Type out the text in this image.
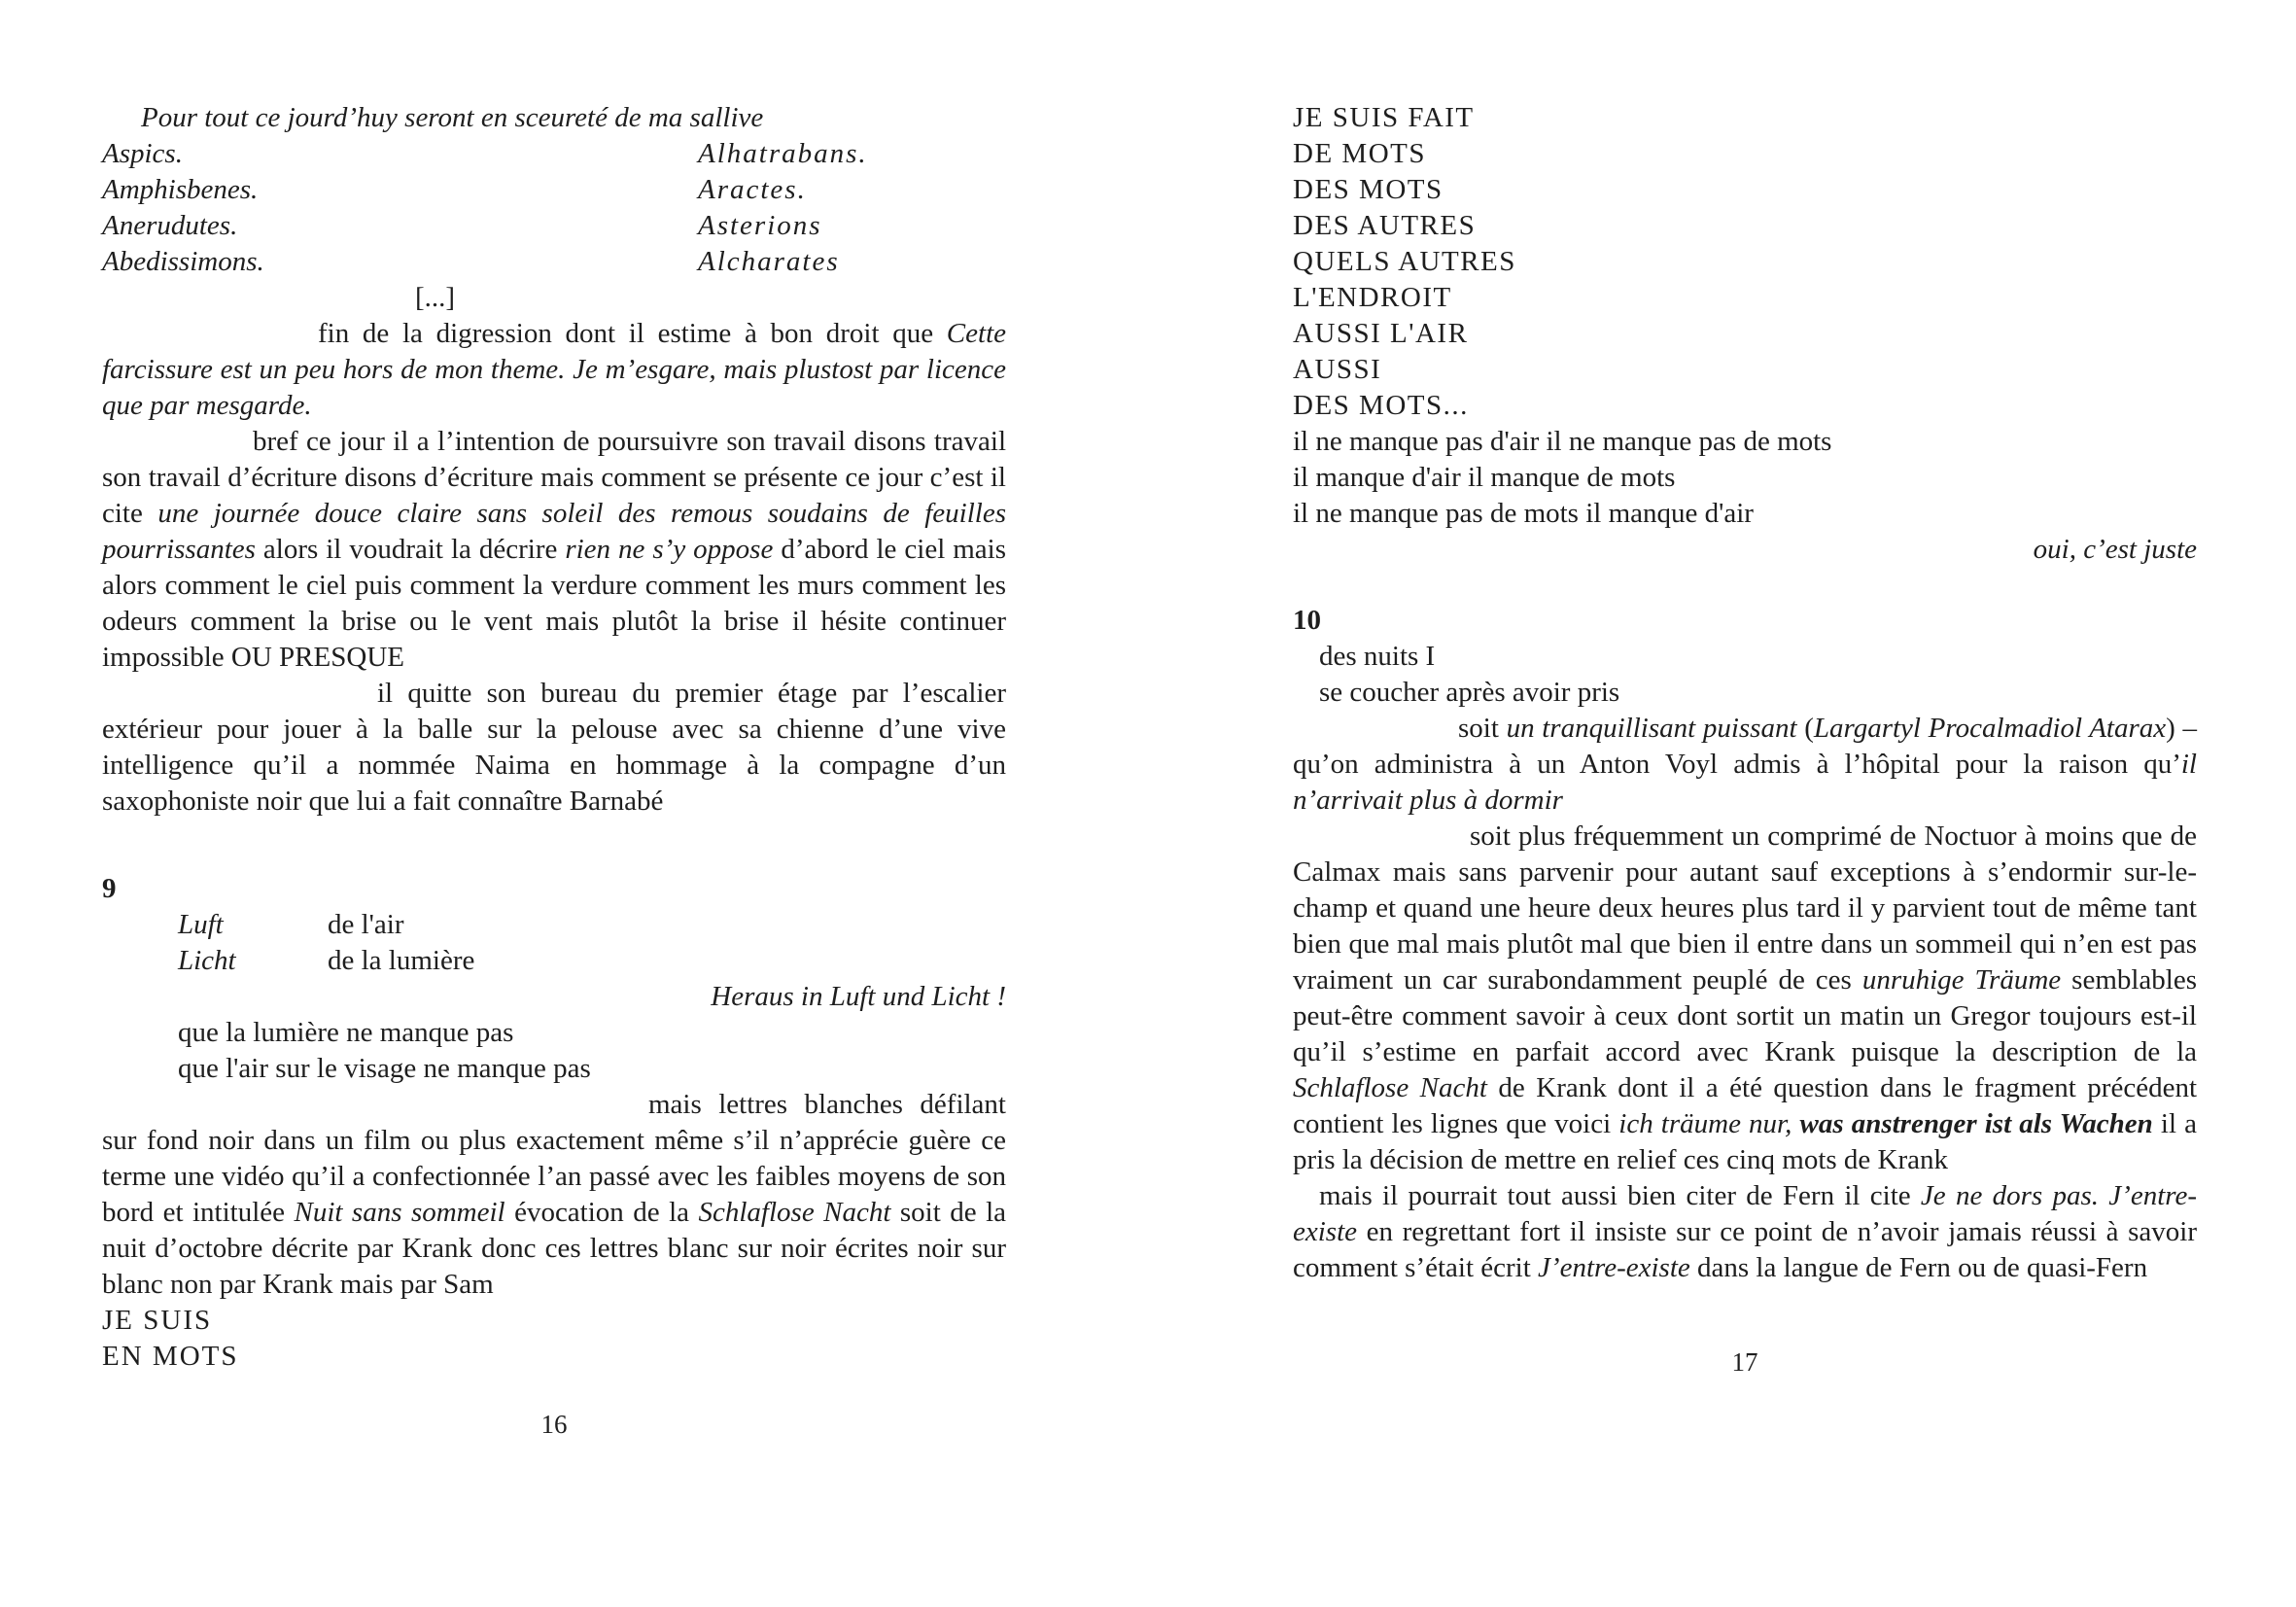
Pour tout ce jourd’huy seront en sceureté de ma sallive

Aspics.
Amphisbenes.
Anerudutes.
Abedissimons.
Alhatrabans.
Aractes.
Asterions
Alcharates
[...]

fin de la digression dont il estime à bon droit que Cette farcissure est un peu hors de mon theme. Je m’esgare, mais plustost par licence que par mesgarde.

bref ce jour il a l’intention de poursuivre son travail disons travail son travail d’écriture disons d’écriture mais comment se présente ce jour c’est il cite une journée douce claire sans soleil des remous soudains de feuilles pourrissantes alors il voudrait la décrire rien ne s’y oppose d’abord le ciel mais alors comment le ciel puis comment la verdure comment les murs comment les odeurs comment la brise ou le vent mais plutôt la brise il hésite continuer impossible OU PRESQUE

il quitte son bureau du premier étage par l’escalier extérieur pour jouer à la balle sur la pelouse avec sa chienne d’une vive intelligence qu’il a nommée Naima en hommage à la compagne d’un saxophoniste noir que lui a fait connaître Barnabé

9
Luft	de l'air
Licht	de la lumière

Heraus in Luft und Licht !

que la lumière ne manque pas
que l'air sur le visage ne manque pas

mais lettres blanches défilant sur fond noir dans un film ou plus exactement même s’il n’apprécie guère ce terme une vidéo qu’il a confectionnée l’an passé avec les faibles moyens de son bord et intitulée Nuit sans sommeil évocation de la Schlaflose Nacht soit de la nuit d’octobre décrite par Krank donc ces lettres blanc sur noir écrites noir sur blanc non par Krank mais par Sam

JE SUIS
EN MOTS
16
JE SUIS FAIT
DE MOTS
DES MOTS
DES AUTRES
QUELS AUTRES
L'ENDROIT
AUSSI L'AIR
AUSSI
DES MOTS...
il ne manque pas d'air il ne manque pas de mots
il manque d'air il manque de mots
il ne manque pas de mots il manque d'air

oui, c’est juste

10
des nuits I
se coucher après avoir pris

soit un tranquillisant puissant (Largartyl Procalmadiol Atarax) – qu’on administra à un Anton Voyl admis à l’hôpital pour la raison qu’il n’arrivait plus à dormir

soit plus fréquemment un comprimé de Noctuor à moins que de Calmax mais sans parvenir pour autant sauf exceptions à s’endormir sur-le-champ et quand une heure deux heures plus tard il y parvient tout de même tant bien que mal mais plutôt mal que bien il entre dans un sommeil qui n’en est pas vraiment un car surabondamment peuplé de ces unruhige Träume semblables peut-être comment savoir à ceux dont sortit un matin un Gregor toujours est-il qu’il s’estime en parfait accord avec Krank puisque la description de la Schlaflose Nacht de Krank dont il a été question dans le fragment précédent contient les lignes que voici ich träume nur, was anstrenger ist als Wachen il a pris la décision de mettre en relief ces cinq mots de Krank

mais il pourrait tout aussi bien citer de Fern il cite Je ne dors pas. J’entre-existe en regrettant fort il insiste sur ce point de n’avoir jamais réussi à savoir comment s’était écrit J’entre-existe dans la langue de Fern ou de quasi-Fern

17
